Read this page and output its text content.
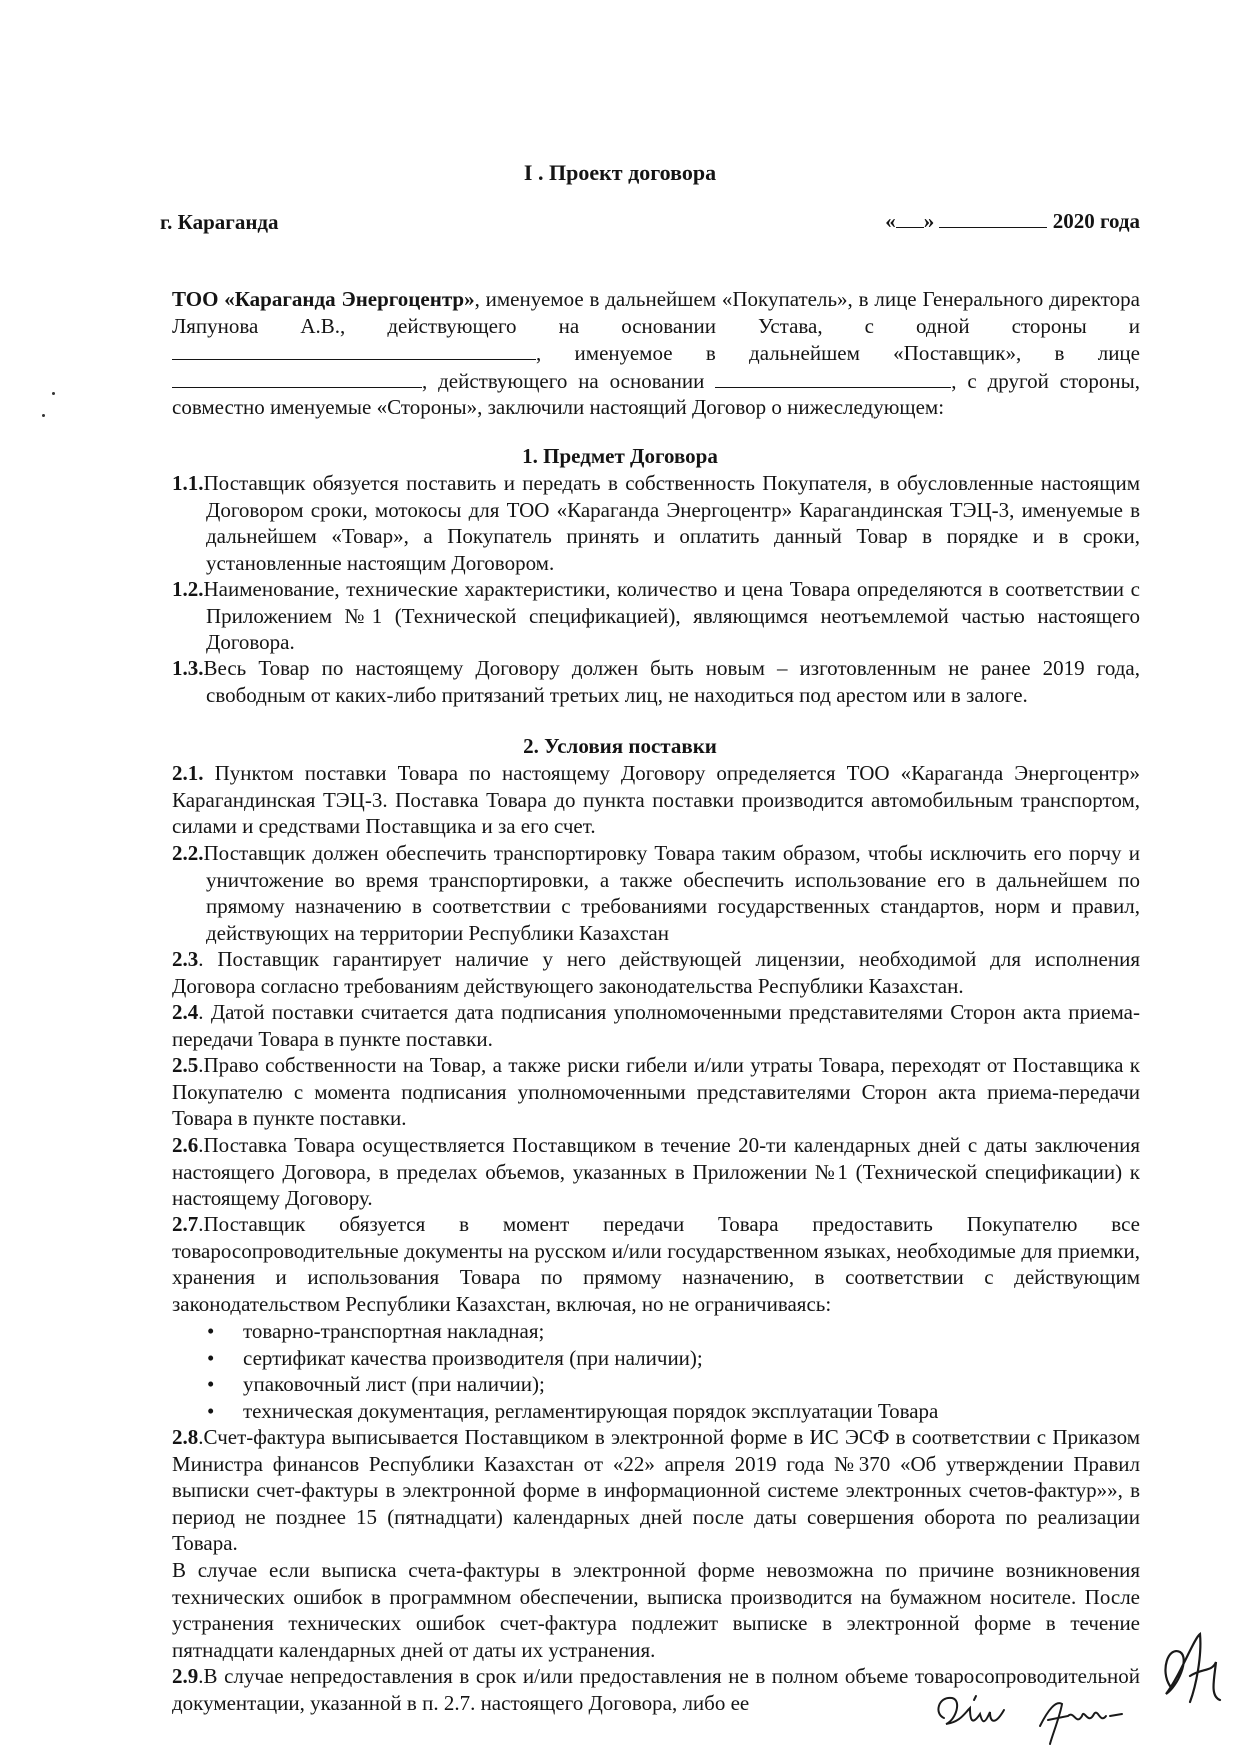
I . Проект договора
г. Караганда	« »	2020 года
ТОО «Караганда Энергоцентр», именуемое в дальнейшем «Покупатель», в лице Генерального директора Ляпунова А.В., действующего на основании Устава, с одной стороны и , именуемое в дальнейшем «Поставщик», в лице , действующего на основании	, с другой стороны, совместно именуемые «Стороны», заключили настоящий Договор о нижеследующем:
1. Предмет Договора
1.1.Поставщик обязуется поставить и передать в собственность Покупателя, в обусловленные настоящим Договором сроки, мотокосы для ТОО «Караганда Энергоцентр» Карагандинская ТЭЦ-3, именуемые в дальнейшем «Товар», а Покупатель принять и оплатить данный Товар в порядке и в сроки, установленные настоящим Договором.
1.2.Наименование, технические характеристики, количество и цена Товара определяются в соответствии с Приложением №1 (Технической спецификацией), являющимся неотъемлемой частью настоящего Договора.
1.3.Весь Товар по настоящему Договору должен быть новым – изготовленным не ранее 2019 года, свободным от каких-либо притязаний третьих лиц, не находиться под арестом или в залоге.
2. Условия поставки
2.1. Пунктом поставки Товара по настоящему Договору определяется ТОО «Караганда Энергоцентр» Карагандинская ТЭЦ-3. Поставка Товара до пункта поставки производится автомобильным транспортом, силами и средствами Поставщика и за его счет.
2.2.Поставщик должен обеспечить транспортировку Товара таким образом, чтобы исключить его порчу и уничтожение во время транспортировки, а также обеспечить использование его в дальнейшем по прямому назначению в соответствии с требованиями государственных стандартов, норм и правил, действующих на территории Республики Казахстан
2.3. Поставщик гарантирует наличие у него действующей лицензии, необходимой для исполнения Договора согласно требованиям действующего законодательства Республики Казахстан.
2.4. Датой поставки считается дата подписания уполномоченными представителями Сторон акта приема-передачи Товара в пункте поставки.
2.5.Право собственности на Товар, а также риски гибели и/или утраты Товара, переходят от Поставщика к Покупателю с момента подписания уполномоченными представителями Сторон акта приема-передачи Товара в пункте поставки.
2.6.Поставка Товара осуществляется Поставщиком в течение 20-ти календарных дней с даты заключения настоящего Договора, в пределах объемов, указанных в Приложении №1 (Технической спецификации) к настоящему Договору.
2.7.Поставщик обязуется в момент передачи Товара предоставить Покупателю все товаросопроводительные документы на русском и/или государственном языках, необходимые для приемки, хранения и использования Товара по прямому назначению, в соответствии с действующим законодательством Республики Казахстан, включая, но не ограничиваясь:
• товарно-транспортная накладная;
• сертификат качества производителя (при наличии);
• упаковочный лист (при наличии);
• техническая документация, регламентирующая порядок эксплуатации Товара
2.8.Счет-фактура выписывается Поставщиком в электронной форме в ИС ЭСФ в соответствии с Приказом Министра финансов Республики Казахстан от «22» апреля 2019 года №370 «Об утверждении Правил выписки счет-фактуры в электронной форме в информационной системе электронных счетов-фактур»», в период не позднее 15 (пятнадцати) календарных дней после даты совершения оборота по реализации Товара.
В случае если выписка счета-фактуры в электронной форме невозможна по причине возникновения технических ошибок в программном обеспечении, выписка производится на бумажном носителе. После устранения технических ошибок счет-фактура подлежит выписке в электронной форме в течение пятнадцати календарных дней от даты их устранения.
2.9.В случае непредоставления в срок и/или предоставления не в полном объеме товаросопроводительной документации, указанной в п. 2.7. настоящего Договора, либо ее
